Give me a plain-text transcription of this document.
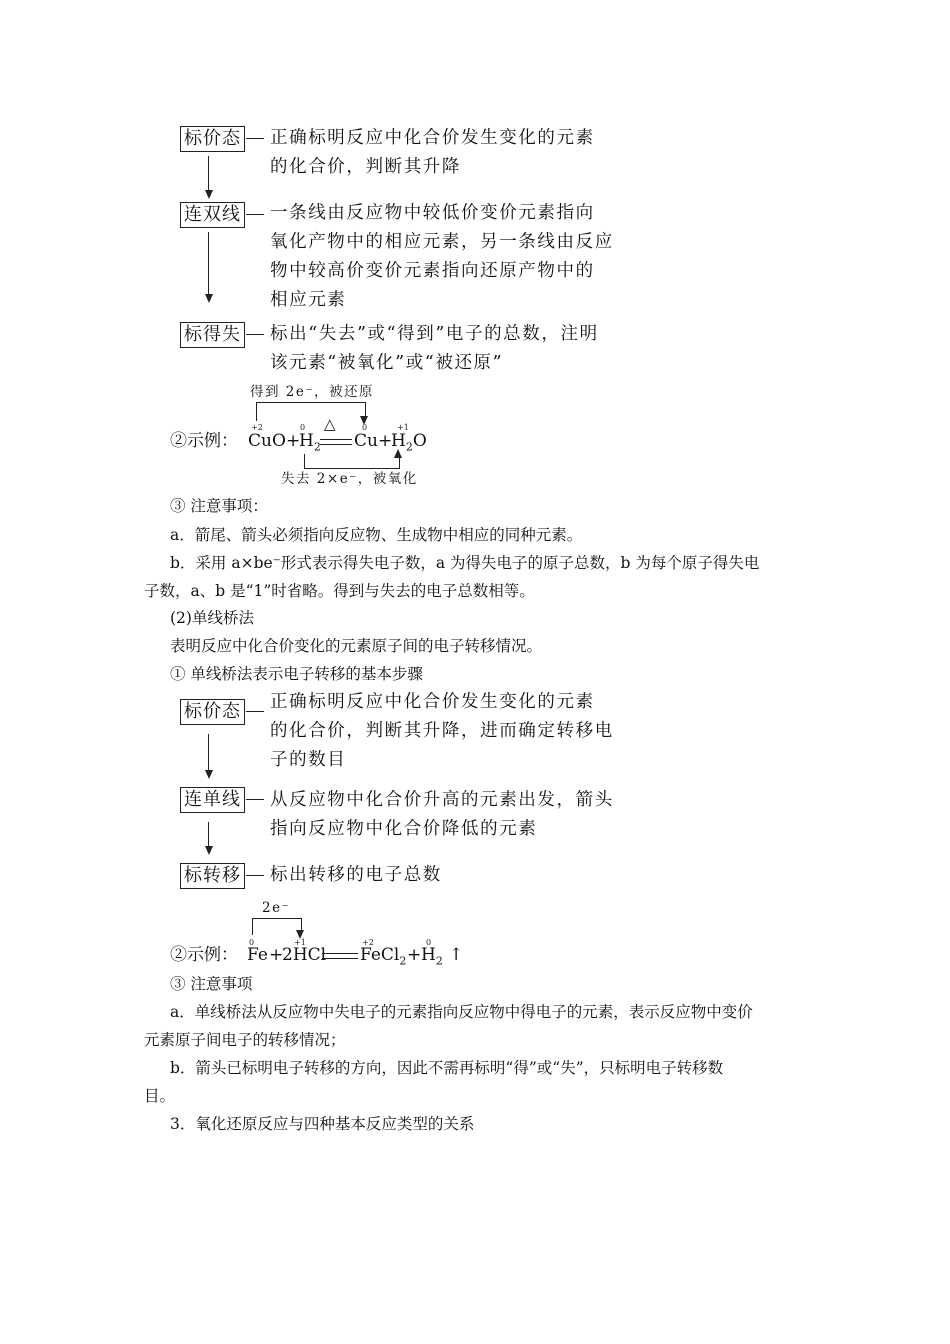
标价态 正确标明反应中化合价发生变化的元素
的化合价，判断其升降
连双线 一条线由反应物中较低价变价元素指向
氧化产物中的相应元素，另一条线由反应
物中较高价变价元素指向还原产物中的
相应元素
标得失 标出“失去”或“得到”电子的总数，注明
该元素“被氧化”或“被还原”
得到 2e⁻，被还原
+2	0	0	+1
②示例： CuO +
$H_2$
△
Cu +
$H_2O$
失去 2×e⁻，被氧化
③ 注意事项：
a．箭尾、箭头必须指向反应物、生成物中相应的同种元素。
b．采用 a×be⁻形式表示得失电子数，a 为得失电子的原子总数，b 为每个原子得失电
子数，a、b 是“1”时省略。得到与失去的电子总数相等。
(2)单线桥法
表明反应中化合价变化的元素原子间的电子转移情况。
① 单线桥法表示电子转移的基本步骤
标价态 正确标明反应中化合价发生变化的元素
的化合价，判断其升降，进而确定转移电
子的数目
连单线 从反应物中化合价升高的元素出发，箭头
指向反应物中化合价降低的元素
标转移 标出转移的电子总数
2e⁻
0	+1	+2	0
②示例： Fe +
2HCl FeCl$_2$ + $H_2$ ↑
③ 注意事项
a．单线桥法从反应物中失电子的元素指向反应物中得电子的元素，表示反应物中变价
元素原子间电子的转移情况；
b．箭头已标明电子转移的方向，因此不需再标明“得”或“失”，只标明电子转移数
目。
3．氧化还原反应与四种基本反应类型的关系
